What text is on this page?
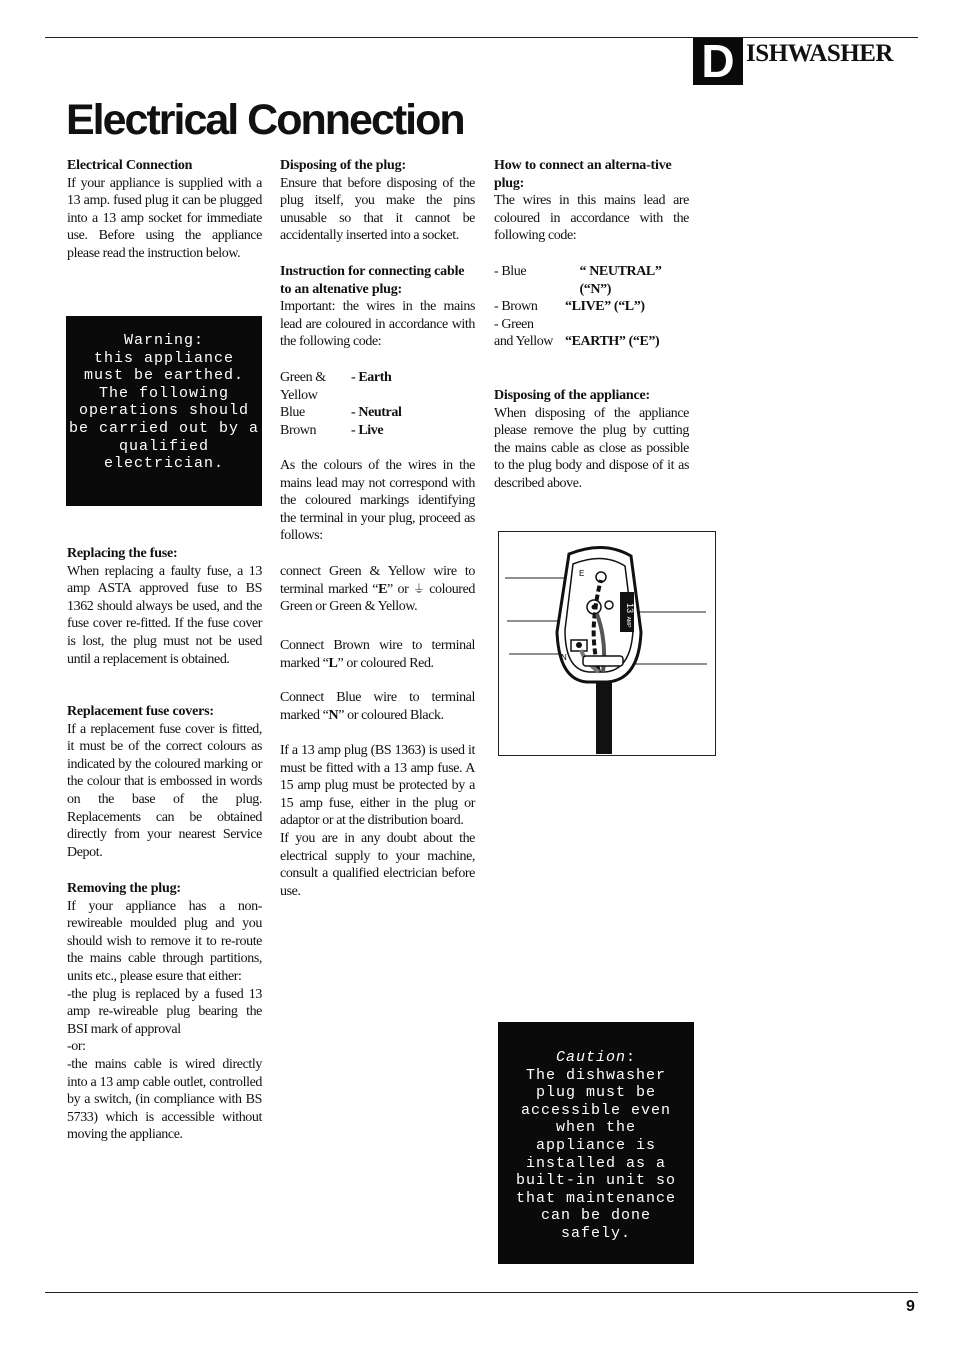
D ISHWASHER
Electrical Connection
Electrical Connection

If your appliance is supplied with a 13 amp. fused plug it can be plugged into a 13 amp socket for immediate use. Before using the appliance please read the instruction below.

Warning:
this appliance
must be earthed.
The following
operations should
be carried out by a
qualified
electrician.
Replacing the fuse:

When replacing a faulty fuse, a 13 amp ASTA approved fuse to BS 1362 should always be used, and the fuse cover re-fitted. If the fuse cover is lost, the plug must not be used until a replacement is obtained.

Replacement fuse covers:

If a replacement fuse cover is fitted, it must be of the correct colours as indicated by the coloured marking or the colour that is embossed in words on the base of the plug. Replacements can be obtained directly from your nearest Service Depot.

Removing the plug:

If your appliance has a non-rewireable moulded plug and you should wish to remove it to re-route the mains cable through partitions, units etc., please esure that either:

-the plug is replaced by a fused 13 amp re-wireable plug bearing the BSI mark of approval

-or:

-the mains cable is wired directly into a 13 amp cable outlet, controlled by a switch, (in compliance with BS 5733) which is accessible without moving the appliance.

Disposing of the plug:

Ensure that before disposing of the plug itself, you make the pins unusable so that it cannot be accidentally inserted into a socket.

Instruction for connecting cable to an altenative plug:

Important: the wires in the mains lead are coloured in accordance with the following code:

Green & Yellow
- Earth
Blue	- Neutral
Brown	- Live

As the colours of the wires in the mains lead may not correspond with the coloured markings identifying the terminal in your plug, proceed as follows:

connect Green & Yellow wire to terminal marked “E” or ⏚ coloured Green or Green & Yellow.

Connect Brown wire to terminal marked “L” or coloured Red.

Connect Blue wire to terminal marked “N” or coloured Black.

If a 13 amp plug (BS 1363) is used it must be fitted with a 13 amp fuse. A 15 amp plug must be protected by a 15 amp fuse, either in the plug or adaptor or at the distribution board.

If you are in any doubt about the electrical supply to your machine, consult a qualified electrician before use.

How to connect an alterna-tive plug:

The wires in this mains lead are coloured in accordance with the following code:

- Blue	“ NEUTRAL” (“N”)
- Brown	“LIVE” (“L”)
- Green
and Yellow “EARTH” (“E”)
Disposing of the appliance:

When disposing of the appliance please remove the plug by cutting the mains cable as close as possible to the plug body and dispose of it as described above.

13
AMP
E
N
Caution:
The dishwasher
plug must be
accessible even
when the
appliance is
installed as a
built-in unit so
that maintenance
can be done
safely.
9
